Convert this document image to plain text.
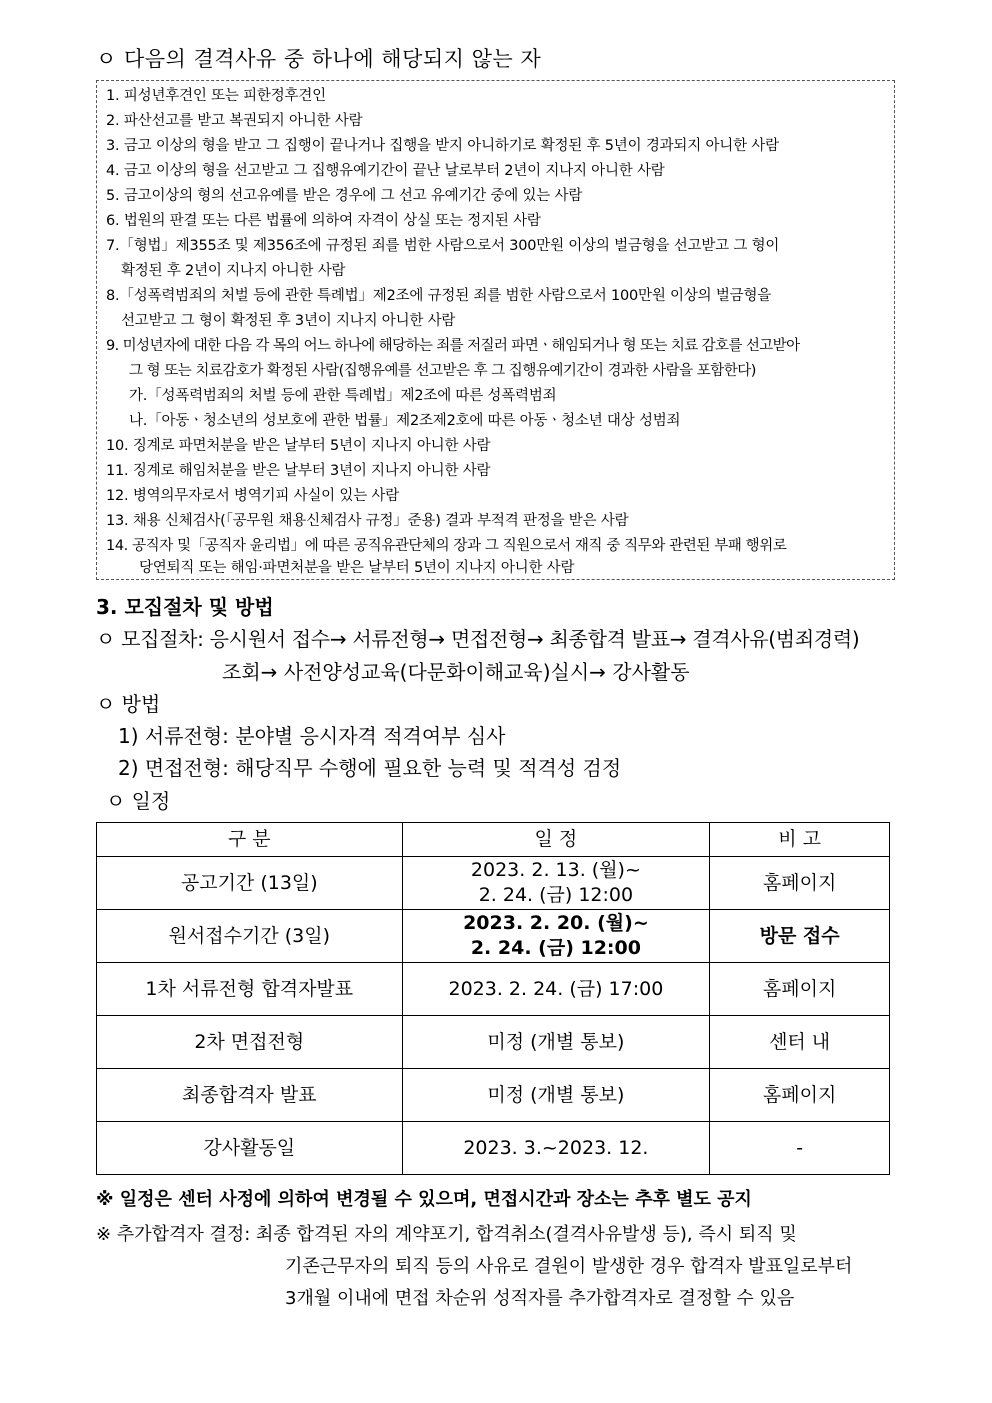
ㅇ 다음의 결격사유 중 하나에 해당되지 않는 자
1. 피성년후견인 또는 피한정후견인
2. 파산선고를 받고 복권되지 아니한 사람
3. 금고 이상의 형을 받고 그 집행이 끝나거나 집행을 받지 아니하기로 확정된 후 5년이 경과되지 아니한 사람
4. 금고 이상의 형을 선고받고 그 집행유예기간이 끝난 날로부터 2년이 지나지 아니한 사람
5. 금고이상의 형의 선고유예를 받은 경우에 그 선고 유예기간 중에 있는 사람
6. 법원의 판결 또는 다른 법률에 의하여 자격이 상실 또는 정지된 사람
7.「형법」제355조 및 제356조에 규정된 죄를 범한 사람으로서 300만원 이상의 벌금형을 선고받고 그 형이
확정된 후 2년이 지나지 아니한 사람
8.「성폭력범죄의 처벌 등에 관한 특례법」제2조에 규정된 죄를 범한 사람으로서 100만원 이상의 벌금형을
선고받고 그 형이 확정된 후 3년이 지나지 아니한 사람
9. 미성년자에 대한 다음 각 목의 어느 하나에 해당하는 죄를 저질러 파면ㆍ해임되거나 형 또는 치료 감호를 선고받아
그 형 또는 치료감호가 확정된 사람(집행유예를 선고받은 후 그 집행유예기간이 경과한 사람을 포함한다)
가.「성폭력범죄의 처벌 등에 관한 특례법」제2조에 따른 성폭력범죄
나.「아동ㆍ청소년의 성보호에 관한 법률」제2조제2호에 따른 아동ㆍ청소년 대상 성범죄
10. 징계로 파면처분을 받은 날부터 5년이 지나지 아니한 사람
11. 징계로 해임처분을 받은 날부터 3년이 지나지 아니한 사람
12. 병역의무자로서 병역기피 사실이 있는 사람
13. 채용 신체검사(「공무원 채용신체검사 규정」준용) 결과 부적격 판정을 받은 사람
14. 공직자 및「공직자 윤리법」에 따른 공직유관단체의 장과 그 직원으로서 재직 중 직무와 관련된 부패 행위로
당연퇴직 또는 해임·파면처분을 받은 날부터 5년이 지나지 아니한 사람
3. 모집절차 및 방법
ㅇ 모집절차: 응시원서 접수→ 서류전형→ 면접전형→ 최종합격 발표→ 결격사유(범죄경력)
조회→ 사전양성교육(다문화이해교육)실시→ 강사활동
ㅇ 방법
1) 서류전형: 분야별 응시자격 적격여부 심사
2) 면접전형: 해당직무 수행에 필요한 능력 및 적격성 검정
ㅇ 일정
구 분	일 정	비 고
공고기간 (13일)	2023. 2. 13. (월)~
2. 24. (금) 12:00	홈페이지
원서접수기간 (3일)	2023. 2. 20. (월)~
2. 24. (금) 12:00	방문 접수
1차 서류전형 합격자발표	2023. 2. 24. (금) 17:00	홈페이지
2차 면접전형	미정 (개별 통보)	센터 내
최종합격자 발표	미정 (개별 통보)	홈페이지
강사활동일	2023. 3.~2023. 12.	-
※ 일정은 센터 사정에 의하여 변경될 수 있으며, 면접시간과 장소는 추후 별도 공지
※ 추가합격자 결정: 최종 합격된 자의 계약포기, 합격취소(결격사유발생 등), 즉시 퇴직 및
기존근무자의 퇴직 등의 사유로 결원이 발생한 경우 합격자 발표일로부터
3개월 이내에 면접 차순위 성적자를 추가합격자로 결정할 수 있음
